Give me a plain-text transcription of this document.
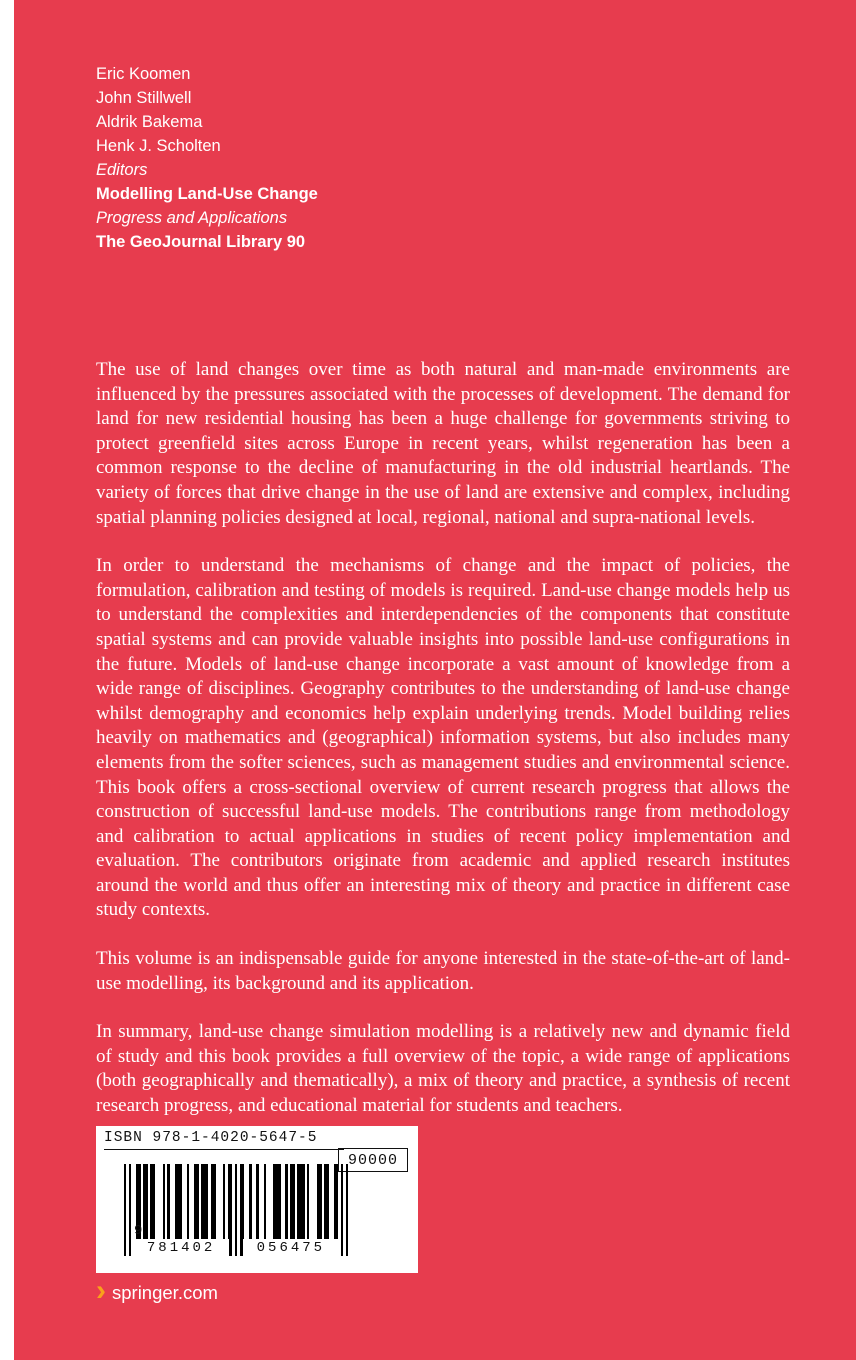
Eric Koomen

John Stillwell

Aldrik Bakema

Henk J. Scholten

Editors

Modelling Land-Use Change

Progress and Applications

The GeoJournal Library 90

The use of land changes over time as both natural and man-made environments are influenced by the pressures associated with the processes of development. The demand for land for new residential housing has been a huge challenge for governments striving to protect greenfield sites across Europe in recent years, whilst regeneration has been a common response to the decline of manufacturing in the old industrial heartlands. The variety of forces that drive change in the use of land are extensive and complex, including spatial planning policies designed at local, regional, national and supra-national levels.

In order to understand the mechanisms of change and the impact of policies, the formulation, calibration and testing of models is required. Land-use change models help us to understand the complexities and interdependencies of the components that constitute spatial systems and can provide valuable insights into possible land-use configurations in the future. Models of land-use change incorporate a vast amount of knowledge from a wide range of disciplines. Geography contributes to the understanding of land-use change whilst demography and economics help explain underlying trends. Model building relies heavily on mathematics and (geographical) information systems, but also includes many elements from the softer sciences, such as management studies and environmental science. This book offers a cross-sectional overview of current research progress that allows the construction of successful land-use models. The contributions range from methodology and calibration to actual applications in studies of recent policy implementation and evaluation. The contributors originate from academic and applied research institutes around the world and thus offer an interesting mix of theory and practice in different case study contexts.

This volume is an indispensable guide for anyone interested in the state-of-the-art of land-use modelling, its background and its application.

In summary, land-use change simulation modelling is a relatively new and dynamic field of study and this book provides a full overview of the topic, a wide range of applications (both geographically and thematically), a mix of theory and practice, a synthesis of recent research progress, and educational material for students and teachers.

ISBN 978-1-4020-5647-5
90000
9
781402	056475
› springer.com
